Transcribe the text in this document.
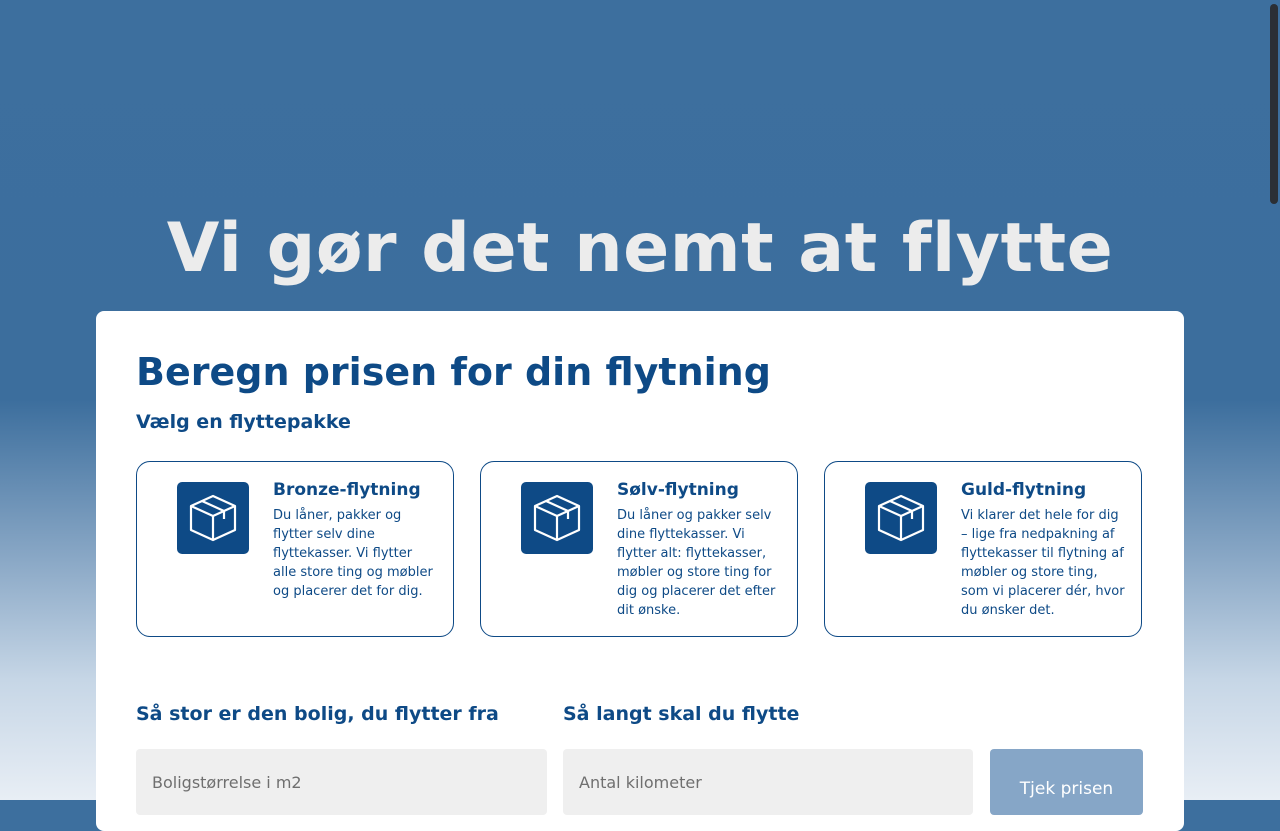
Vi gør det nemt at flytte
Beregn prisen for din flytning
Vælg en flyttepakke
Bronze-flytning

Du låner, pakker og flytter selv dine flyttekasser. Vi flytter alle store ting og møbler og placerer det for dig.

Sølv-flytning

Du låner og pakker selv dine flyttekasser. Vi flytter alt: flyttekasser, møbler og store ting for dig og placerer det efter dit ønske.

Guld-flytning

Vi klarer det hele for dig – lige fra nedpakning af flyttekasser til flytning af møbler og store ting, som vi placerer dér, hvor du ønsker det.

Så stor er den bolig, du flytter fra	Så langt skal du flytte
Boligstørrelse i m2
Antal kilometer
Tjek prisen
